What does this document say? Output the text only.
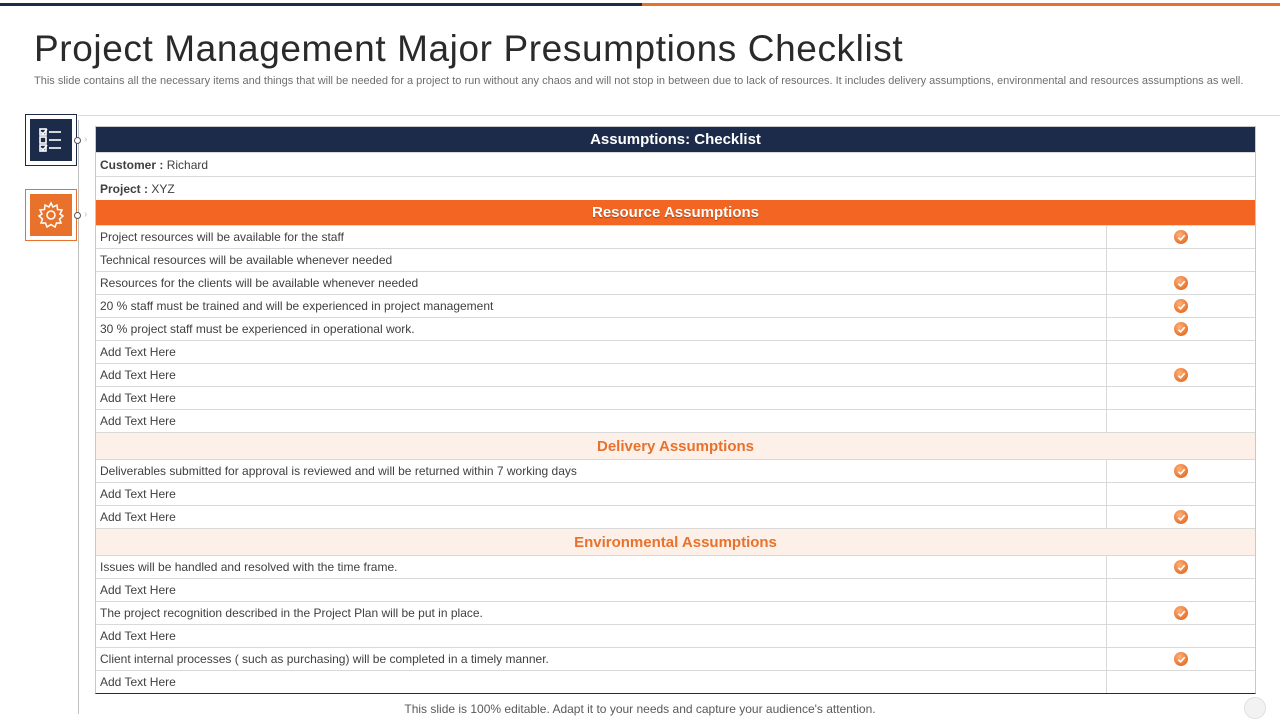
Project Management Major Presumptions Checklist

This slide contains all the necessary items and things that will be needed for a project to run without any chaos and will not stop in between due to lack of resources. It includes delivery assumptions, environmental and resources assumptions as well.

›
›
Assumptions: Checklist
Customer :
Richard
Project :
XYZ
Resource Assumptions
Project resources will be available for the staff
Technical resources will be available whenever needed
Resources for the clients will be available whenever needed
20 % staff must be trained and will be experienced in project management
30 % project staff must be experienced in operational work.
Add Text Here
Add Text Here
Add Text Here
Add Text Here
Delivery Assumptions
Deliverables submitted for approval is reviewed and will be returned within 7 working days
Add Text Here
Add Text Here
Environmental Assumptions
Issues will be handled and resolved with the time frame.
Add Text Here
The project recognition described in the Project Plan will be put in place.
Add Text Here
Client internal processes ( such as purchasing) will be completed in a timely manner.
Add Text Here
This slide is 100% editable. Adapt it to your needs and capture your audience's attention.
